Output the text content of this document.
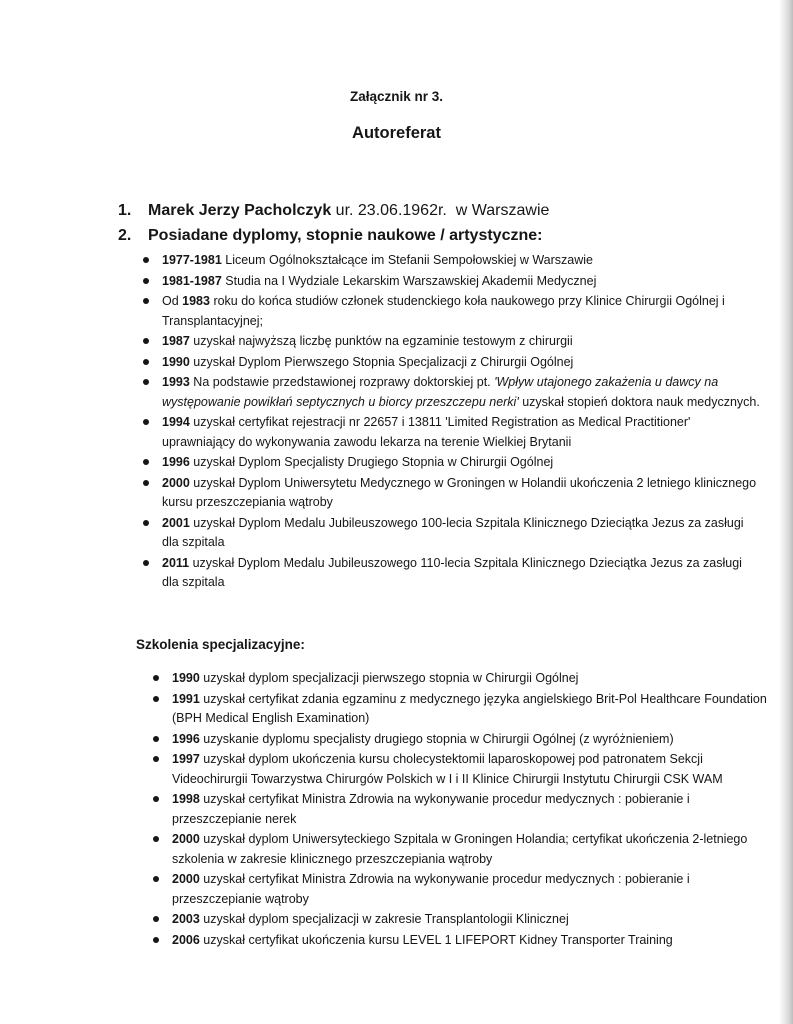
Załącznik nr 3.
Autoreferat
1.	Marek Jerzy Pacholczyk ur. 23.06.1962r.  w Warszawie
2.	Posiadane dyplomy, stopnie naukowe / artystyczne:
1977-1981 Liceum Ogólnokształcące im Stefanii Sempołowskiej w Warszawie
1981-1987 Studia na I Wydziale Lekarskim Warszawskiej Akademii Medycznej
Od 1983 roku do końca studiów członek studenckiego koła naukowego przy Klinice Chirurgii Ogólnej i Transplantacyjnej;
1987 uzyskał najwyższą liczbę punktów na egzaminie testowym z chirurgii
1990 uzyskał Dyplom Pierwszego Stopnia Specjalizacji z Chirurgii Ogólnej
1993 Na podstawie przedstawionej rozprawy doktorskiej pt. 'Wpływ utajonego zakażenia u dawcy na występowanie powikłań septycznych u biorcy przeszczepu nerki' uzyskał stopień doktora nauk medycznych.
1994 uzyskał certyfikat rejestracji nr 22657 i 13811 'Limited Registration as Medical Practitioner' uprawniający do wykonywania zawodu lekarza na terenie Wielkiej Brytanii
1996 uzyskał Dyplom Specjalisty Drugiego Stopnia w Chirurgii Ogólnej
2000 uzyskał Dyplom Uniwersytetu Medycznego w Groningen w Holandii ukończenia 2 letniego klinicznego kursu przeszczepiania wątroby
2001 uzyskał Dyplom Medalu Jubileuszowego 100-lecia Szpitala Klinicznego Dzieciątka Jezus za zasługi dla szpitala
2011 uzyskał Dyplom Medalu Jubileuszowego 110-lecia Szpitala Klinicznego Dzieciątka Jezus za zasługi dla szpitala
Szkolenia specjalizacyjne:
1990 uzyskał dyplom specjalizacji pierwszego stopnia w Chirurgii Ogólnej
1991 uzyskał certyfikat zdania egzaminu z medycznego języka angielskiego Brit-Pol Healthcare Foundation (BPH Medical English Examination)
1996 uzyskanie dyplomu specjalisty drugiego stopnia w Chirurgii Ogólnej (z wyróżnieniem)
1997 uzyskał dyplom ukończenia kursu cholecystektomii laparoskopowej pod patronatem Sekcji Videochirurgii Towarzystwa Chirurgów Polskich w I i II Klinice Chirurgii Instytutu Chirurgii CSK WAM
1998 uzyskał certyfikat Ministra Zdrowia na wykonywanie procedur medycznych : pobieranie i przeszczepianie nerek
2000 uzyskał dyplom Uniwersyteckiego Szpitala w Groningen Holandia; certyfikat ukończenia 2-letniego szkolenia w zakresie klinicznego przeszczepiania wątroby
2000 uzyskał certyfikat Ministra Zdrowia na wykonywanie procedur medycznych : pobieranie i przeszczepianie wątroby
2003 uzyskał dyplom specjalizacji w zakresie Transplantologii Klinicznej
2006 uzyskał certyfikat ukończenia kursu LEVEL 1 LIFEPORT Kidney Transporter Training
